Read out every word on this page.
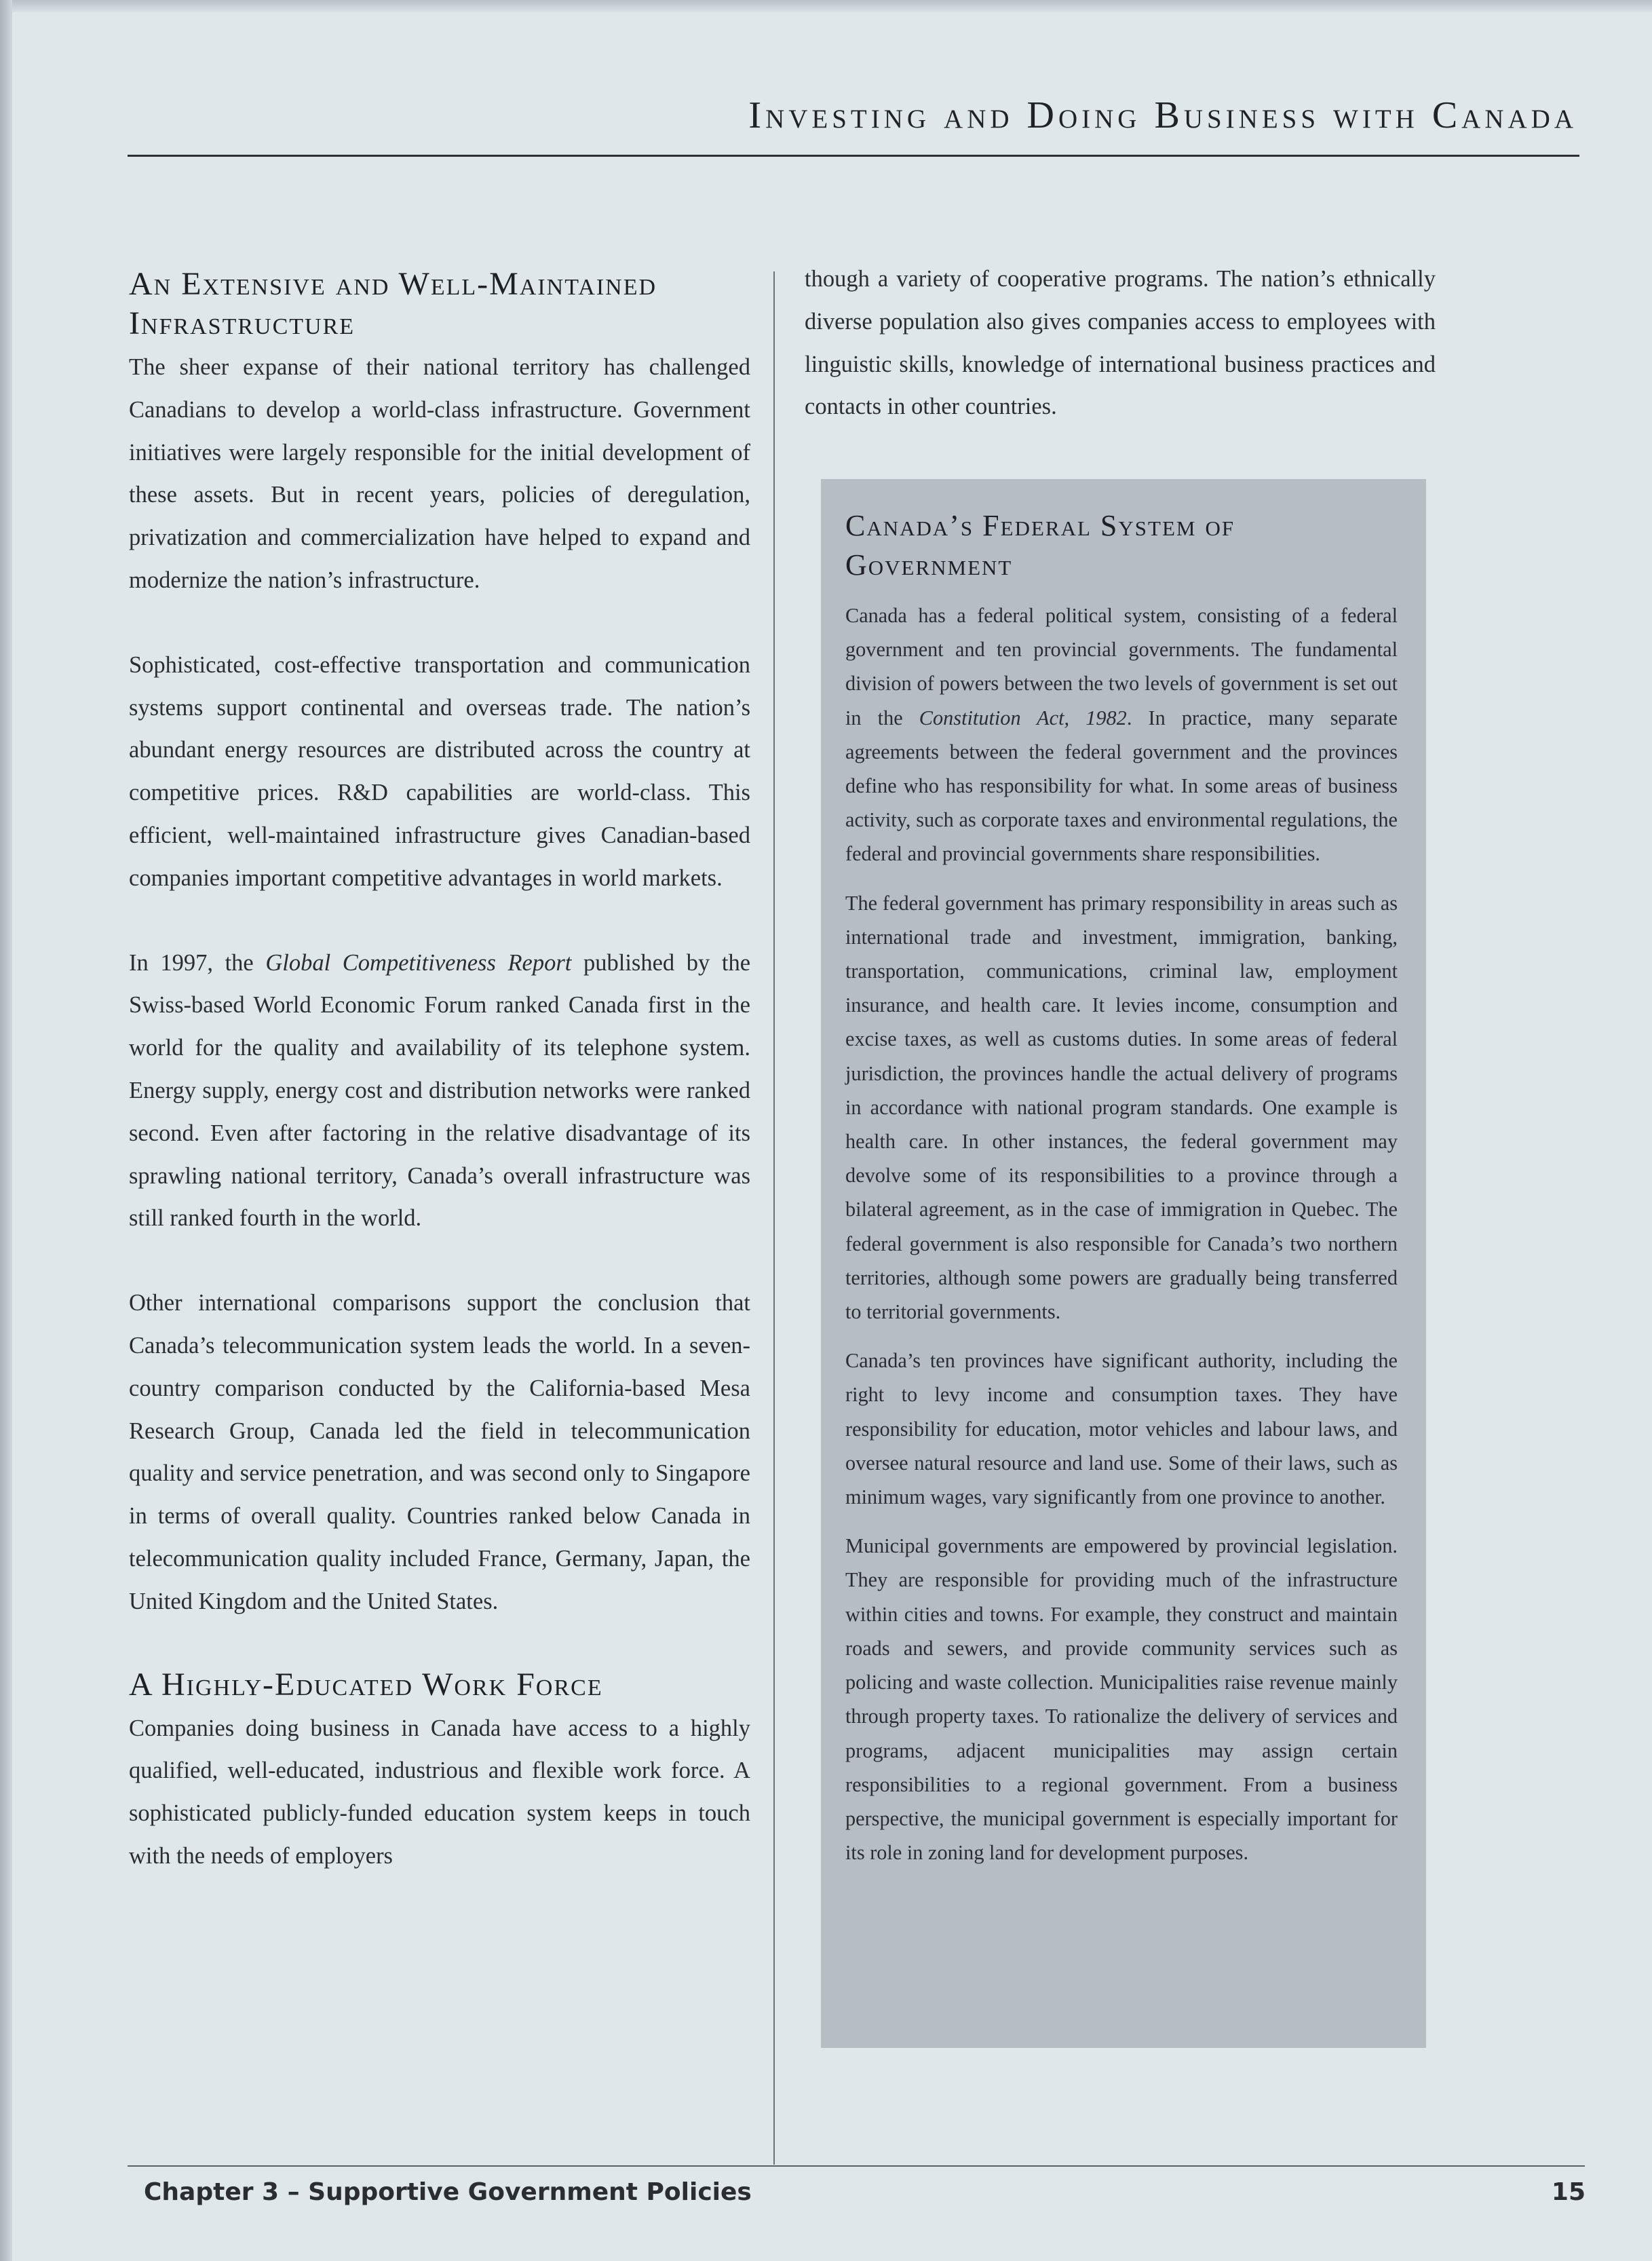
Investing and Doing Business with Canada
An Extensive and Well-Maintained Infrastructure

The sheer expanse of their national territory has challenged Canadians to develop a world-class infrastructure. Government initiatives were largely responsible for the initial development of these assets. But in recent years, policies of deregulation, privatization and commercialization have helped to expand and modernize the nation’s infrastructure.

Sophisticated, cost-effective transportation and communication systems support continental and overseas trade. The nation’s abundant energy resources are distributed across the country at competitive prices. R&D capabilities are world-class. This efficient, well-maintained infrastructure gives Canadian-based companies important competitive advantages in world markets.

In 1997, the Global Competitiveness Report published by the Swiss-based World Economic Forum ranked Canada first in the world for the quality and availability of its telephone system. Energy supply, energy cost and distribution networks were ranked second. Even after factoring in the relative disadvantage of its sprawling national territory, Canada’s overall infrastructure was still ranked fourth in the world.

Other international comparisons support the conclusion that Canada’s telecommunication system leads the world. In a seven-country comparison conducted by the California-based Mesa Research Group, Canada led the field in telecommunication quality and service penetration, and was second only to Singapore in terms of overall quality. Countries ranked below Canada in telecommunication quality included France, Germany, Japan, the United Kingdom and the United States.

A Highly-Educated Work Force

Companies doing business in Canada have access to a highly qualified, well-educated, industrious and flexible work force. A sophisticated publicly-funded education system keeps in touch with the needs of employers

though a variety of cooperative programs. The nation’s ethnically diverse population also gives companies access to employees with linguistic skills, knowledge of international business practices and contacts in other countries.

Canada’s Federal System of Government

Canada has a federal political system, consisting of a federal government and ten provincial governments. The fundamental division of powers between the two levels of government is set out in the Constitution Act, 1982. In practice, many separate agreements between the federal government and the provinces define who has responsibility for what. In some areas of business activity, such as corporate taxes and environmental regulations, the federal and provincial governments share responsibilities.

The federal government has primary responsibility in areas such as international trade and investment, immigration, banking, transportation, communications, criminal law, employment insurance, and health care. It levies income, consumption and excise taxes, as well as customs duties. In some areas of federal jurisdiction, the provinces handle the actual delivery of programs in accordance with national program standards. One example is health care. In other instances, the federal government may devolve some of its responsibilities to a province through a bilateral agreement, as in the case of immigration in Quebec. The federal government is also responsible for Canada’s two northern territories, although some powers are gradually being transferred to territorial governments.

Canada’s ten provinces have significant authority, including the right to levy income and consumption taxes. They have responsibility for education, motor vehicles and labour laws, and oversee natural resource and land use. Some of their laws, such as minimum wages, vary significantly from one province to another.

Municipal governments are empowered by provincial legislation. They are responsible for providing much of the infrastructure within cities and towns. For example, they construct and maintain roads and sewers, and provide community services such as policing and waste collection. Municipalities raise revenue mainly through property taxes. To rationalize the delivery of services and programs, adjacent municipalities may assign certain responsibilities to a regional government. From a business perspective, the municipal government is especially important for its role in zoning land for development purposes.

Chapter 3 – Supportive Government Policies	15
